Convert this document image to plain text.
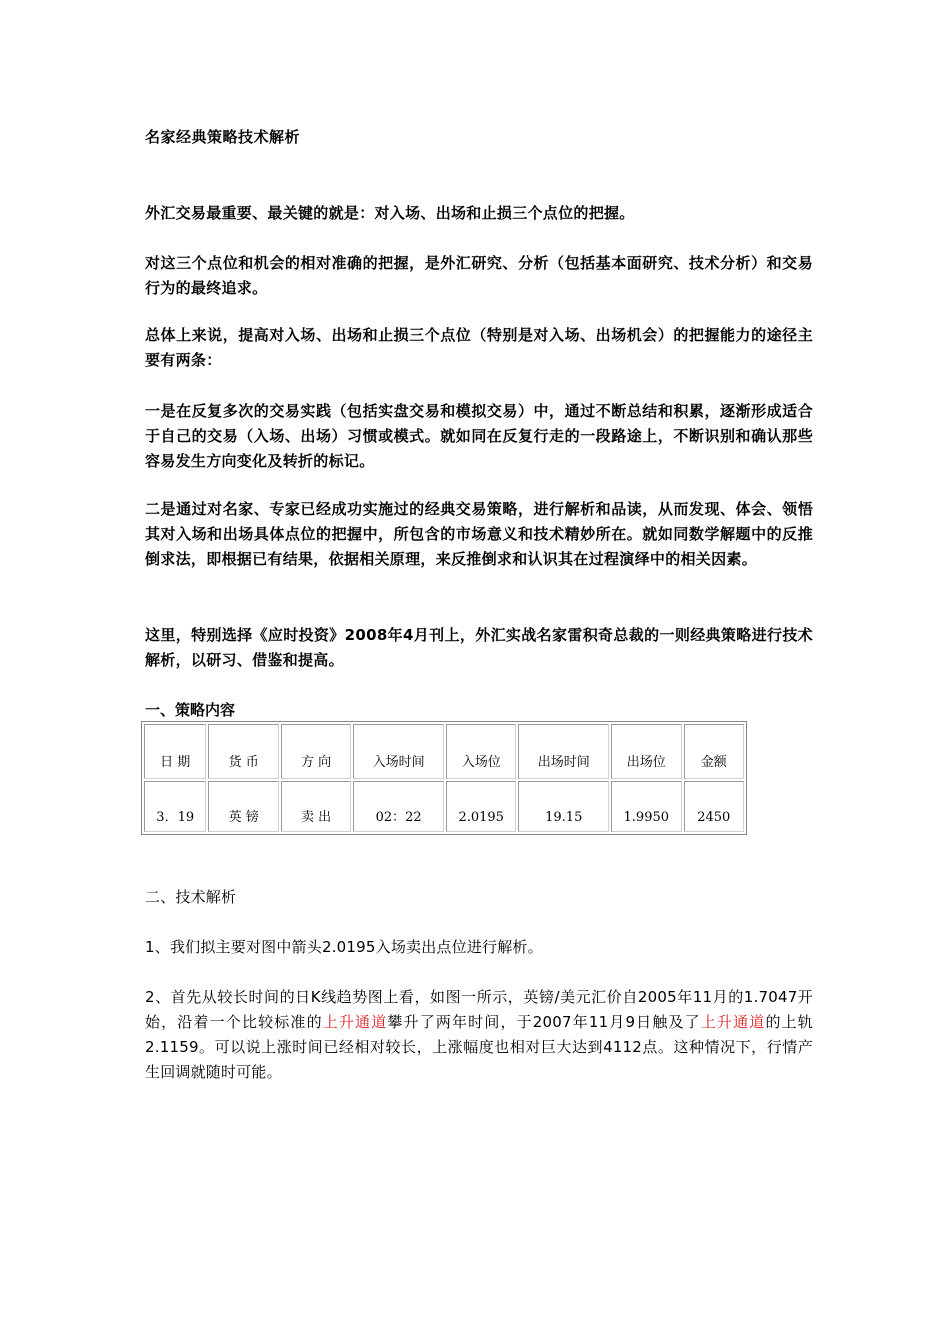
名家经典策略技术解析

外汇交易最重要、最关键的就是：对入场、出场和止损三个点位的把握。

对这三个点位和机会的相对准确的把握，是外汇研究、分析（包括基本面研究、技术分析）和交易行为的最终追求。

总体上来说，提高对入场、出场和止损三个点位（特别是对入场、出场机会）的把握能力的途径主要有两条：

一是在反复多次的交易实践（包括实盘交易和模拟交易）中，通过不断总结和积累，逐渐形成适合于自己的交易（入场、出场）习惯或模式。就如同在反复行走的一段路途上，不断识别和确认那些容易发生方向变化及转折的标记。

二是通过对名家、专家已经成功实施过的经典交易策略，进行解析和品读，从而发现、体会、领悟其对入场和出场具体点位的把握中，所包含的市场意义和技术精妙所在。就如同数学解题中的反推倒求法，即根据已有结果，依据相关原理，来反推倒求和认识其在过程演绎中的相关因素。

这里，特别选择《应时投资》2008年4月刊上，外汇实战名家雷积奇总裁的一则经典策略进行技术解析，以研习、借鉴和提高。

一、策略内容

日 期	货 币	方 向	入场时间	入场位	出场时间	出场位	金额
3．19	英 镑	卖 出	02：22	2.0195	19.15	1.9950	2450

二、技术解析

1、我们拟主要对图中箭头2.0195入场卖出点位进行解析。

2、首先从较长时间的日K线趋势图上看，如图一所示，英镑/美元汇价自2005年11月的1.7047开始，沿着一个比较标准的上升通道攀升了两年时间，于2007年11月9日触及了上升通道的上轨2.1159。可以说上涨时间已经相对较长，上涨幅度也相对巨大达到4112点。这种情况下，行情产生回调就随时可能。
